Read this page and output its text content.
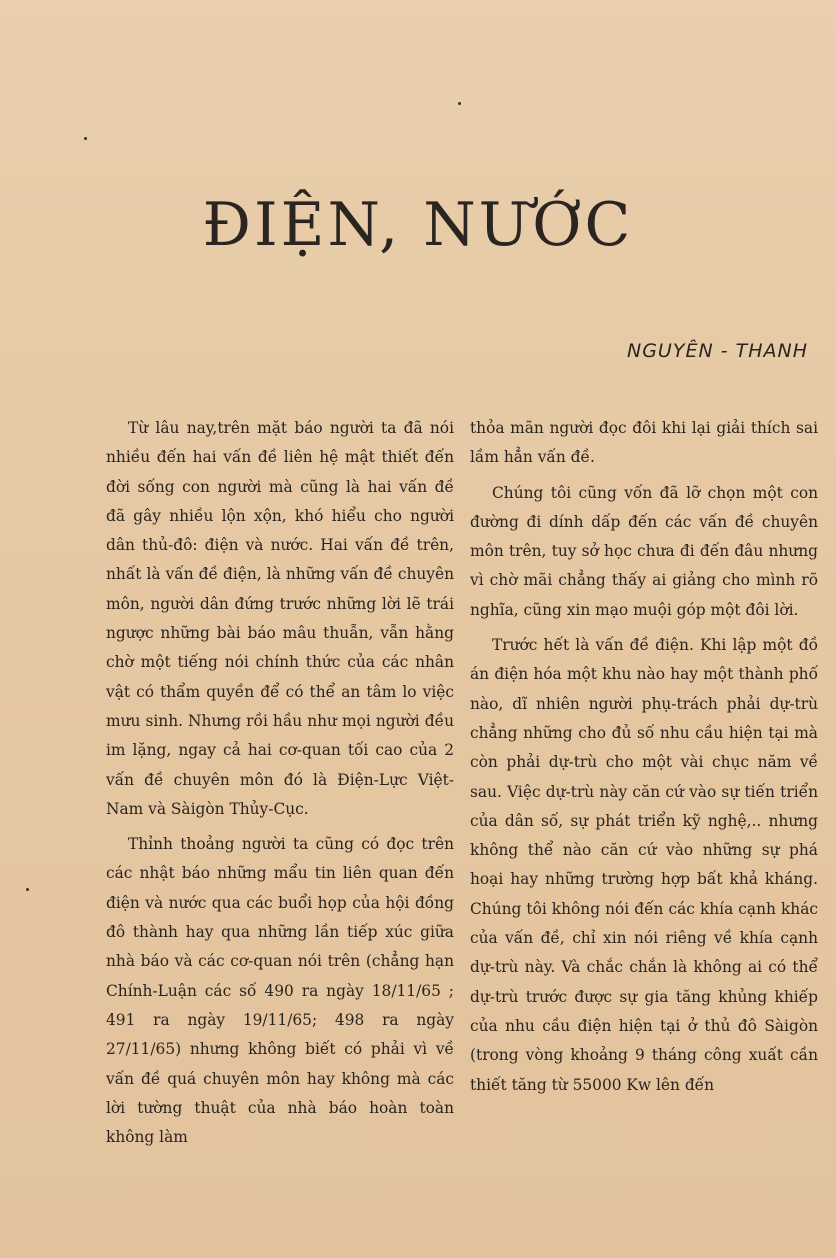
ĐIỆN, NƯỚC
NGUYÊN - THANH

Từ lâu nay,trên mặt báo người ta đã nói nhiều đến hai vấn đề liên hệ mật thiết đến đời sống con người mà cũng là hai vấn đề đã gây nhiều lộn xộn, khó hiểu cho người dân thủ-đô: điện và nước. Hai vấn đề trên, nhất là vấn đề điện, là những vấn đề chuyên môn, người dân đứng trước những lời lẽ trái ngược những bài báo mâu thuẫn, vẫn hằng chờ một tiếng nói chính thức của các nhân vật có thẩm quyền để có thể an tâm lo việc mưu sinh. Nhưng rồi hầu như mọi người đều im lặng, ngay cả hai cơ-quan tối cao của 2 vấn đề chuyên môn đó là Điện-Lực Việt-Nam và Sàigòn Thủy-Cục.

Thỉnh thoảng người ta cũng có đọc trên các nhật báo những mẩu tin liên quan đến điện và nước qua các buổi họp của hội đồng đô thành hay qua những lần tiếp xúc giữa nhà báo và các cơ-quan nói trên (chẳng hạn Chính-Luận các số 490 ra ngày 18/11/65 ; 491 ra ngày 19/11/65; 498 ra ngày 27/11/65) nhưng không biết có phải vì về vấn đề quá chuyên môn hay không mà các lời tường thuật của nhà báo hoàn toàn không làm

thỏa mãn người đọc đôi khi lại giải thích sai lầm hẳn vấn đề.

Chúng tôi cũng vốn đã lỡ chọn một con đường đi dính dấp đến các vấn đề chuyên môn trên, tuy sở học chưa đi đến đâu nhưng vì chờ mãi chẳng thấy ai giảng cho mình rõ nghĩa, cũng xin mạo muội góp một đôi lời.

Trước hết là vấn đề điện. Khi lập một đồ án điện hóa một khu nào hay một thành phố nào, dĩ nhiên người phụ-trách phải dự-trù chẳng những cho đủ số nhu cầu hiện tại mà còn phải dự-trù cho một vài chục năm về sau. Việc dự-trù này căn cứ vào sự tiến triển của dân số, sự phát triển kỹ nghệ,.. nhưng không thể nào căn cứ vào những sự phá hoại hay những trường hợp bất khả kháng. Chúng tôi không nói đến các khía cạnh khác của vấn đề, chỉ xin nói riêng về khía cạnh dự-trù này. Và chắc chắn là không ai có thể dự-trù trước được sự gia tăng khủng khiếp của nhu cầu điện hiện tại ở thủ đô Sàigòn (trong vòng khoảng 9 tháng công xuất cần thiết tăng từ 55000 Kw lên đến
